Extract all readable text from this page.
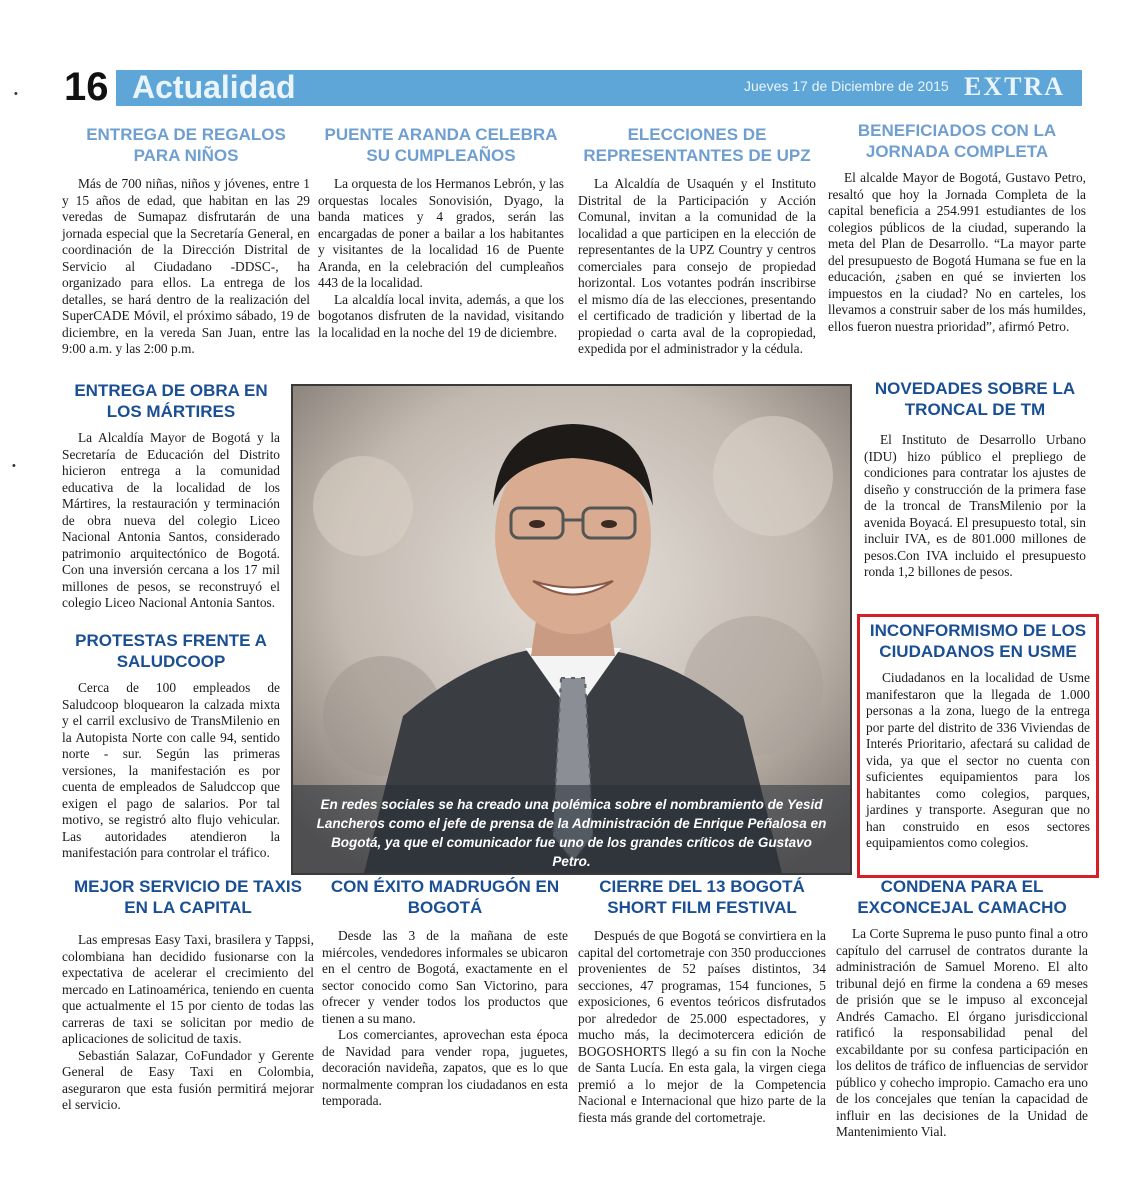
•
•
16 Actualidad	Jueves 17 de Diciembre de 2015 EXTRA
ENTREGA DE REGALOS PARA NIÑOS

Más de 700 niñas, niños y jóvenes, entre 1 y 15 años de edad, que habitan en las 29 veredas de Sumapaz disfrutarán de una jornada especial que la Secretaría General, en coordinación de la Dirección Distrital de Servicio al Ciudadano -DDSC-, ha organizado para ellos. La entrega de los detalles, se hará dentro de la realización del SuperCADE Móvil, el próximo sábado, 19 de diciembre, en la vereda San Juan, entre las 9:00 a.m. y las 2:00 p.m.

PUENTE ARANDA CELEBRA SU CUMPLEAÑOS

La orquesta de los Hermanos Lebrón, y las orquestas locales Sonovisión, Dyago, la banda matices y 4 grados, serán las encargadas de poner a bailar a los habitantes y visitantes de la localidad 16 de Puente Aranda, en la celebración del cumpleaños 443 de la localidad.

La alcaldía local invita, además, a que los bogotanos disfruten de la navidad, visitando la localidad en la noche del 19 de diciembre.

ELECCIONES DE REPRESENTANTES DE UPZ

La Alcaldía de Usaquén y el Instituto Distrital de la Participación y Acción Comunal, invitan a la comunidad de la localidad a que participen en la elección de representantes de la UPZ Country y centros comerciales para consejo de propiedad horizontal. Los votantes podrán inscribirse el mismo día de las elecciones, presentando el certificado de tradición y libertad de la propiedad o carta aval de la copropiedad, expedida por el administrador y la cédula.

BENEFICIADOS CON LA JORNADA COMPLETA

El alcalde Mayor de Bogotá, Gustavo Petro, resaltó que hoy la Jornada Completa de la capital beneficia a 254.991 estudiantes de los colegios públicos de la ciudad, superando la meta del Plan de Desarrollo. “La mayor parte del presupuesto de Bogotá Humana se fue en la educación, ¿saben en qué se invierten los impuestos en la ciudad? No en carteles, los llevamos a construir saber de los más humildes, ellos fueron nuestra prioridad”, afirmó Petro.

ENTREGA DE OBRA EN LOS MÁRTIRES

La Alcaldía Mayor de Bogotá y la Secretaría de Educación del Distrito hicieron entrega a la comunidad educativa de la localidad de los Mártires, la restauración y terminación de obra nueva del colegio Liceo Nacional Antonia Santos, considerado patrimonio arquitectónico de Bogotá. Con una inversión cercana a los 17 mil millones de pesos, se reconstruyó el colegio Liceo Nacional Antonia Santos.

PROTESTAS FRENTE A SALUDCOOP

Cerca de 100 empleados de Saludcoop bloquearon la calzada mixta y el carril exclusivo de TransMilenio en la Autopista Norte con calle 94, sentido norte - sur. Según las primeras versiones, la manifestación es por cuenta de empleados de Saludccop que exigen el pago de salarios. Por tal motivo, se registró alto flujo vehicular. Las autoridades atendieron la manifestación para controlar el tráfico.

En redes sociales se ha creado una polémica sobre el nombramiento de Yesid Lancheros como el jefe de prensa de la Administración de Enrique Peñalosa en Bogotá, ya que el comunicador fue uno de los grandes críticos de Gustavo Petro.
NOVEDADES SOBRE LA TRONCAL DE TM

El Instituto de Desarrollo Urbano (IDU) hizo público el prepliego de condiciones para contratar los ajustes de diseño y construcción de la primera fase de la troncal de TransMilenio por la avenida Boyacá. El presupuesto total, sin incluir IVA, es de 801.000 millones de pesos.Con IVA incluido el presupuesto ronda 1,2 billones de pesos.

INCONFORMISMO DE LOS CIUDADANOS EN USME

Ciudadanos en la localidad de Usme manifestaron que la llegada de 1.000 personas a la zona, luego de la entrega por parte del distrito de 336 Viviendas de Interés Prioritario, afectará su calidad de vida, ya que el sector no cuenta con suficientes equipamientos para los habitantes como colegios, parques, jardines y transporte. Aseguran que no han construido en esos sectores equipamientos como colegios.

MEJOR SERVICIO DE TAXIS EN LA CAPITAL

Las empresas Easy Taxi, brasilera y Tappsi, colombiana han decidido fusionarse con la expectativa de acelerar el crecimiento del mercado en Latinoamérica, teniendo en cuenta que actualmente el 15 por ciento de todas las carreras de taxi se solicitan por medio de aplicaciones de solicitud de taxis.

Sebastián Salazar, CoFundador y Gerente General de Easy Taxi en Colombia, aseguraron que esta fusión permitirá mejorar el servicio.

CON ÉXITO MADRUGÓN EN BOGOTÁ

Desde las 3 de la mañana de este miércoles, vendedores informales se ubicaron en el centro de Bogotá, exactamente en el sector conocido como San Victorino, para ofrecer y vender todos los productos que tienen a su mano.

Los comerciantes, aprovechan esta época de Navidad para vender ropa, juguetes, decoración navideña, zapatos, que es lo que normalmente compran los ciudadanos en esta temporada.

CIERRE DEL 13 BOGOTÁ SHORT FILM FESTIVAL

Después de que Bogotá se convirtiera en la capital del cortometraje con 350 producciones provenientes de 52 países distintos, 34 secciones, 47 programas, 154 funciones, 5 exposiciones, 6 eventos teóricos disfrutados por alrededor de 25.000 espectadores, y mucho más, la decimotercera edición de BOGOSHORTS llegó a su fin con la Noche de Santa Lucía. En esta gala, la virgen ciega premió a lo mejor de la Competencia Nacional e Internacional que hizo parte de la fiesta más grande del cortometraje.

CONDENA PARA EL EXCONCEJAL CAMACHO

La Corte Suprema le puso punto final a otro capítulo del carrusel de contratos durante la administración de Samuel Moreno. El alto tribunal dejó en firme la condena a 69 meses de prisión que se le impuso al exconcejal Andrés Camacho. El órgano jurisdiccional ratificó la responsabilidad penal del excabildante por su confesa participación en los delitos de tráfico de influencias de servidor público y cohecho impropio. Camacho era uno de los concejales que tenían la capacidad de influir en las decisiones de la Unidad de Mantenimiento Vial.
